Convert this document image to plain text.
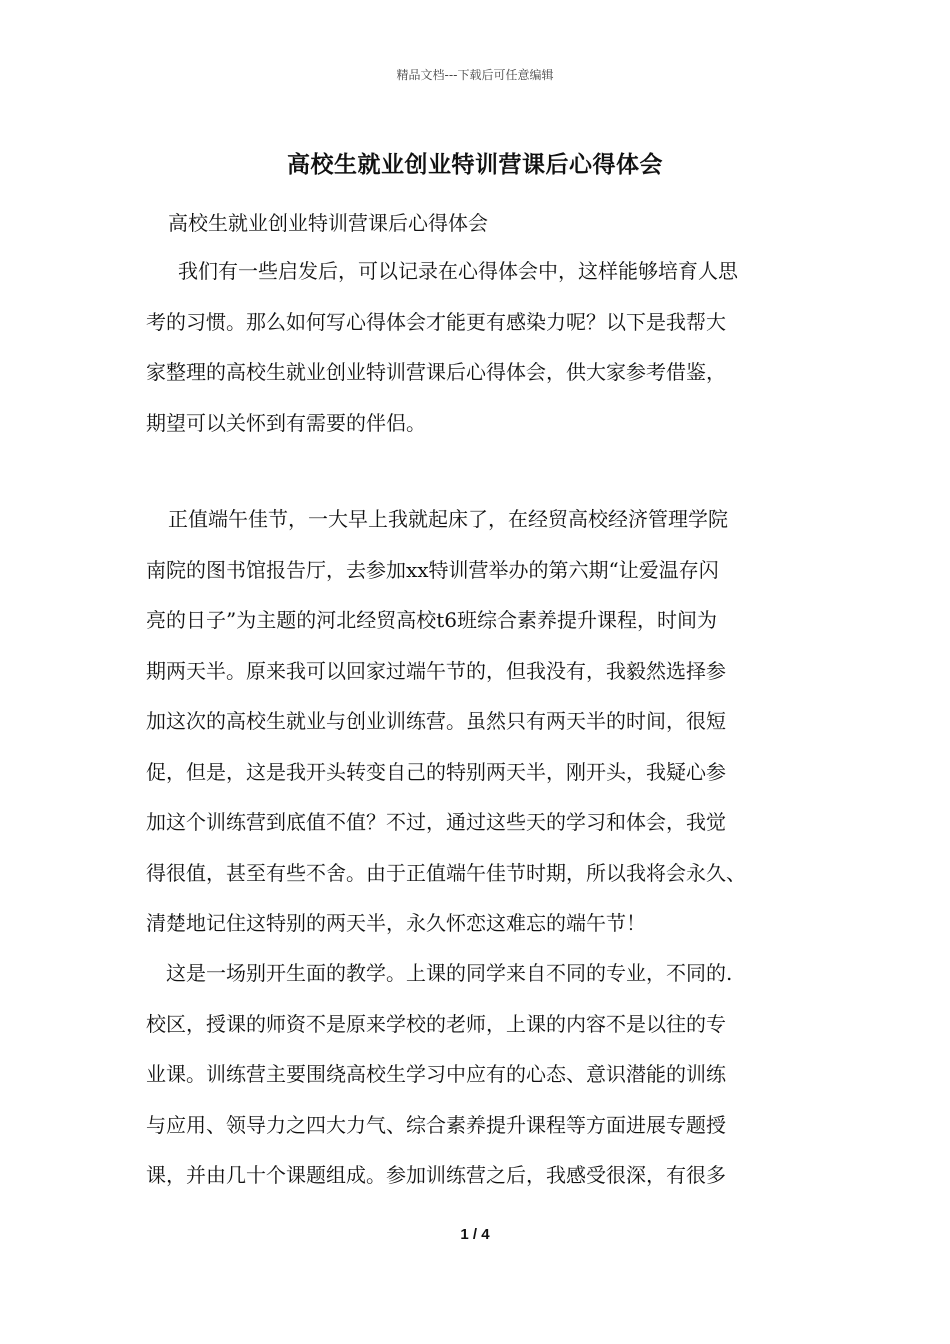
精品文档---下载后可任意编辑
高校生就业创业特训营课后心得体会
高校生就业创业特训营课后心得体会
我们有一些启发后，可以记录在心得体会中，这样能够培育人思
考的习惯。那么如何写心得体会才能更有感染力呢？以下是我帮大
家整理的高校生就业创业特训营课后心得体会，供大家参考借鉴，
期望可以关怀到有需要的伴侣。
正值端午佳节，一大早上我就起床了，在经贸高校经济管理学院
南院的图书馆报告厅，去参加xx特训营举办的第六期“让爱温存闪
亮的日子”为主题的河北经贸高校t6班综合素养提升课程，时间为
期两天半。原来我可以回家过端午节的，但我没有，我毅然选择参
加这次的高校生就业与创业训练营。虽然只有两天半的时间，很短
促，但是，这是我开头转变自己的特别两天半，刚开头，我疑心参
加这个训练营到底值不值？不过，通过这些天的学习和体会，我觉
得很值，甚至有些不舍。由于正值端午佳节时期，所以我将会永久、
清楚地记住这特别的两天半，永久怀恋这难忘的端午节！
这是一场别开生面的教学。上课的同学来自不同的专业，不同的.
校区，授课的师资不是原来学校的老师，上课的内容不是以往的专
业课。训练营主要围绕高校生学习中应有的心态、意识潜能的训练
与应用、领导力之四大力气、综合素养提升课程等方面进展专题授
课，并由几十个课题组成。参加训练营之后，我感受很深，有很多
1 / 4
